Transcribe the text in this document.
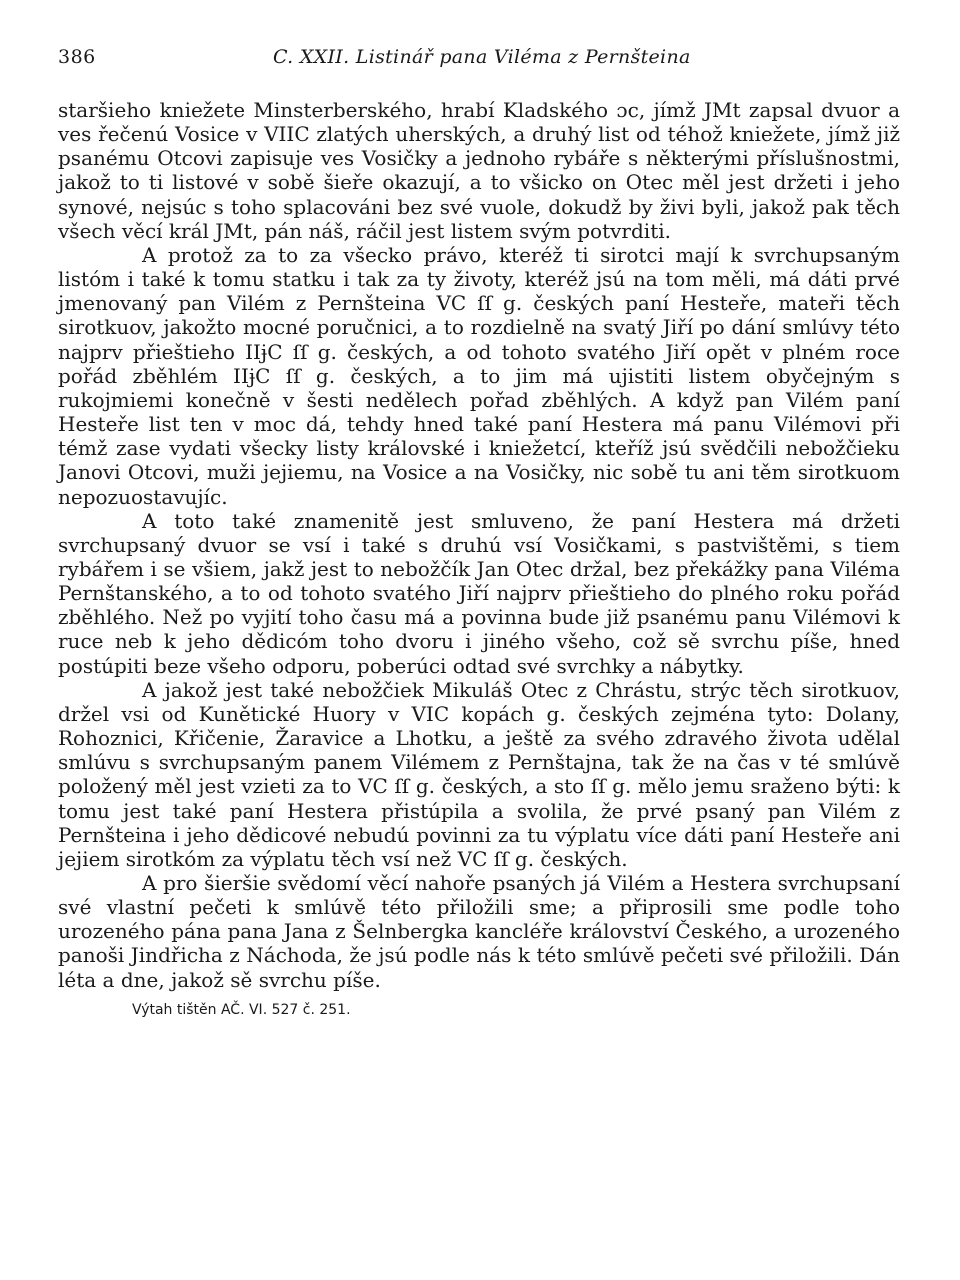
386	C. XXII. Listinář pana Viléma z Pernšteina

staršieho kniežete Minsterberského, hrabí Kladského ɔc, jímž JMt zapsal dvuor a ves řečenú Vosice v VIIC zlatých uherských, a druhý list od téhož kniežete, jímž již psanému Otcovi zapisuje ves Vosičky a jednoho rybáře s některými příslušnostmi, jakož to ti listové v sobě šieře okazují, a to všicko on Otec měl jest držeti i jeho synové, nejsúc s toho splacováni bez své vuole, dokudž by živi byli, jakož pak těch všech věcí král JMt, pán náš, ráčil jest listem svým potvrditi.

A protož za to za všecko právo, kteréž ti sirotci mají k svrchupsaným listóm i také k tomu statku i tak za ty životy, kteréž jsú na tom měli, má dáti prvé jmenovaný pan Vilém z Pernšteina VC ſſ g. českých paní Hesteře, mateři těch sirotkuov, jakožto mocné poručnici, a to rozdielně na svatý Jiří po dání smlúvy této najprv přieštieho IIɉC ſſ g. českých, a od tohoto svatého Jiří opět v plném roce pořád zběhlém IIɉC ſſ g. českých, a to jim má ujistiti listem obyčejným s rukojmiemi konečně v šesti nedělech pořad zběhlých. A když pan Vilém paní Hesteře list ten v moc dá, tehdy hned také paní Hestera má panu Vilémovi při témž zase vydati všecky listy královské i kniežetcí, kteříž jsú svědčili nebožčieku Janovi Otcovi, muži jejiemu, na Vosice a na Vosičky, nic sobě tu ani těm sirotkuom nepozuostavujíc.

A toto také znamenitě jest smluveno, že paní Hestera má držeti svrchupsaný dvuor se vsí i také s druhú vsí Vosičkami, s pastvištěmi, s tiem rybářem i se všiem, jakž jest to nebožčík Jan Otec držal, bez překážky pana Viléma Pernštanského, a to od tohoto svatého Jiří najprv přieštieho do plného roku pořád zběhlého. Než po vyjití toho času má a povinna bude již psanému panu Vilémovi k ruce neb k jeho dědicóm toho dvoru i jiného všeho, což sě svrchu píše, hned postúpiti beze všeho odporu, poberúci odtad své svrchky a nábytky.

A jakož jest také nebožčiek Mikuláš Otec z Chrástu, strýc těch sirotkuov, držel vsi od Kunětické Huory v VIC kopách g. českých zejména tyto: Dolany, Rohoznici, Křičenie, Žaravice a Lhotku, a ještě za svého zdravého života udělal smlúvu s svrchupsaným panem Vilémem z Pernštajna, tak že na čas v té smlúvě položený měl jest vzieti za to VC ſſ g. českých, a sto ſſ g. mělo jemu sraženo býti: k tomu jest také paní Hestera přistúpila a svolila, že prvé psaný pan Vilém z Pernšteina i jeho dědicové nebudú povinni za tu výplatu více dáti paní Hesteře ani jejiem sirotkóm za výplatu těch vsí než VC ſſ g. českých.

A pro šieršie svědomí věcí nahoře psaných já Vilém a Hestera svrchupsaní své vlastní pečeti k smlúvě této přiložili sme; a připrosili sme podle toho urozeného pána pana Jana z Šelnbergka kancléře království Českého, a urozeného panoši Jindřicha z Náchoda, že jsú podle nás k této smlúvě pečeti své přiložili. Dán léta a dne, jakož sě svrchu píše.

Výtah tištěn AČ. VI. 527 č. 251.
